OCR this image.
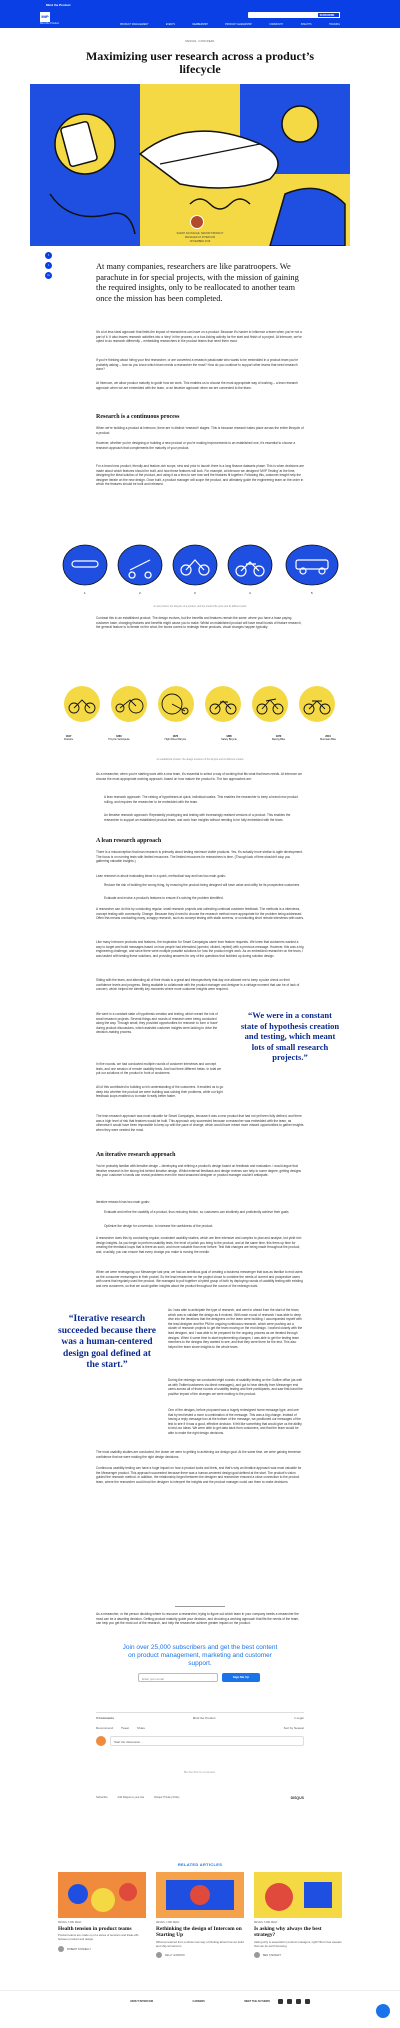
Mind the Product
MtP
Mind the Product
SUBSCRIBE
PRODUCT MANAGEMENT	EVENTS	MEMBERSHIP	PRODUCT LEADERSHIP	COMMUNITY	INSIGHTS	TRAINING
DESIGN, 4 MIN READ
Maximizing user research across a product’s lifecycle
SARAH SAUSSAGE, SENIOR PRODUCT
MANAGER AT INTERCOM
NOVEMBER 2018
f
t
in

At many companies, researchers are like paratroopers. We parachute in for special projects, with the mission of gaining the required insights, only to be reallocated to another team once the mission has been completed.

It’s a lot less ideal approach that limits the impact of researchers can have on a product. Because it’s harder to influence a team when you’re not a part of it. It also leaves research activities into a ‘step’ in the process, or a box-ticking activity for the start and finish of a project. At Intercom, we’ve opted to do research differently – embedding researchers in the product teams that need them most.

If you’re thinking about hiring your first researcher, or are converted a research passionate who wants to be embedded in a product team you’re probably asking – how do you know which team needs a researcher the most? How do you continue to support other teams that need research done?

At Intercom, we allow product maturity to guide how we work. This enables us to choose the most appropriate way of working – a lean research approach when we are embedded with the team, or an iterative approach when we are connected to the team.

Research is a continuous process

When we’re building a product at Intercom, there are in distinct ‘research’ stages. This is because research takes place across the entire lifecycle of a product.

However, whether you’re designing or building a new product or you’re making improvements to an established one, it’s essential to choose a research approach that complements the maturity of your product.

For a brand new product, friendly and feature-rich scope, new and prior to launch there is a long finance datasets phase. This is when decisions are made about which features should be built, and how these features will look. For example, at Intercom we designed ‘MVP Testing’ at the time, designing the ideal solution of the product, and using it as a lens to see how well the features fit together. Following this, customer insight help the designer iterate on the new design. Once built, a product manager will scope the product, and ultimately guide the engineering team on the order in which the features should be built and released.

1	2	3	4	5
A new product, the lifecycle of a product, and the product life cycle and its different parts

Contrast this to an established product. The design evolves, but the benefits and features remain the same: where you have a base paying customer base, changing features and benefits might cause you to make. Whilst an established product will have small bursts of feature research, the general feature is to iterate on the what, the boxes comes to redesign these products, visual changes happen typically.

1817
Draisine
1860
Tricycle Velocipede
1870
High Wheel Bicycle
1885
Safety Bicycle
1970
Racing Bike
2010
Mountain Bike
An established product, the design evolution of the bicycle and its different models

As a researcher, when you’re starting work with a new team, it’s essential to select a way of working that fits what that team needs. At Intercom we choose the most appropriate working approach, based on how mature the product is. The two approaches are:

A lean research approach: The raising of hypotheses at quick, individual scales. This enables the researcher to keep a brand new product rolling, and requires the researcher to be embedded with the team.

An iterative research approach: Repeatedly prototyping and testing with increasingly realised versions of a product. This enables the researcher to support an established product team, and work from insights without needing to be fully embedded with the team.

A lean research approach

There is a misconception that lean research is primarily about testing minimum viable products. Yes, it’s actually more similar to agile development. The focus is on running tests with limited resources. The limited resources for researchers is time. (Though lack of time shouldn’t stop you gathering valuable insights.)

Lean research is about evaluating ideas in a quick, methodical way and has two main goals:

Reduce the risk of building the wrong thing, by ensuring the product being designed will have value and utility for its prospective customers

Evaluate and evolve a product’s features to ensure it’s solving the problem identified.

A researcher can do this by conducting regular, small research projects and collecting continual customer feedback. The methods is a interviews, concept testing with community. Change. Because they’d need to choose the research method more appropriate for the problem being addressed. Often this means conducting many, scrappy research, such as concept testing with static screens, or conducting short remote interviews with users.

Like many Intercom products and features, the inspiration for Smart Campaigns came from feature requests. We knew that customers wanted a way to target and build messages based on how people had interacted (opened, clicked, replied) with a previous message. However, this was a big engineering challenge, and since there were multiple possible solutions for how the product might work. As an embedded researcher on the team, I was tasked with testing these solutions, and providing answers for any of the questions that bubbled up during solution design.

Sitting with the team, and attending all of their rituals is a great and introspectively that day one allowed me to keep a pulse check on their confidence levels and progress. Being available to collaborate with the product manager and designer is a vintage moment that can be of lack of concern, which helped me identify key moments where more customer insights were required.

We went in a constant state of hypothesis creation and testing, which meant the lots of small research projects. Several things and rounds of research were being conducted along the way. Through small, they provided opportunities for research to form a ‘trace’ during product discussions, which assisted customer insights were lacking to drive the decision-making process.

“We were in a constant state of hypothesis creation and testing, which meant lots of small research projects.”

In five rounds, we had conducted multiple rounds of customer interviews and concept tests, and one session of remote usability tests. And had three different betas. In total we put our solutions of the product in front of customers.

All of this contributed to building a rich understanding of the customers. It enabled us to go deep into whether the product we were building was solving their problems, while our tight feedback loops enabled us to make it really better faster.

The lean research approach was most valuable for Smart Campaigns, because it was a new product that had not yet been fully defined, and there was a high level of risk that features would be built. This approach only succeeded because a researcher was embedded with the team, as otherwise it would have been impossible to keep up with the pace of change, which would have meant more missed opportunities to gather insights when they were needed the most.

An iterative research approach

You’re probably familiar with iterative design – developing and refining a product’s design based on feedback and evaluation. I would argue that iterative research is the strong link behind iterative design. Whilst external feedback and design reviews can help to some degree, getting designs into your customer’s hands can reveal problems even the most seasoned designer or product manager couldn’t anticipate.

Iterative research has two main goals:

Evaluate and refine the usability of a product, thus reducing friction, so customers can intuitively and proficiently achieve their goals

Optimize the design for conversion, to increase the usefulness of the product.

A researcher does this by conducting regular, consistent usability studies, which are time intensive and complex to plan and analyse, but yield rich design insights. As you begin to perform usability tests, the level of polish you bring to the product, and at the same time, this frees up time for creating the feedback loops that is there as such, and more valuable than ever before. Test that changes are being made throughout the product, and, crucially, you can ensure that every change you make is moving the needle.

When we were redesigning our Messenger last year, we had an ambitious goal of creating a business messenger that was as familiar to end users as the consumer messengers in their pocket. So the lead researcher on the project chose to combine the needs of current and prospective users with users that regularly used the product. We managed to pull together a hybrid group of both by deploying rounds of usability testing with existing and new customers, so that we could gather insights about the product throughout the course of the redesign work.

“Iterative research succeeded because there was a human-centered design goal defined at the start.”

As I was able to anticipate the type of research, and went in ahead from the start of the team, which was to validate the design as it evolved. With each round of research I was able to deep dive into the iterations that the designers on the team were building. I accompanied myself with the lead designer and the PM for ongoing continuous research, which were pushing out a cluster of research projects to get the team moving on the end design. I worked closely with the lead designer, and I was able to be prepared for the ongoing process as we iterated through designs. When it came time to start implementing changes, I was able to get the testing team members to the designs they wanted to see, and that they were there for the test. This also helped the team share insights to the whole team.

During the redesign we conducted eight rounds of usability testing on the Outline office (as well as with Twitter/customers via direct messages), and got to hear directly from Messenger end users across all of those rounds of usability testing and their participants, and saw first-hand the positive impact of the changes we were making to the product.

One of the designs, before proposed was a hugely redesigned home message type, and one that by test tested a more a combination of the message. This was a big change. Instead of having a reply message box at the bottom of the message, we positioned our messages of the test to see if it was a good, effective decision. It felt like something that would give us the ability to test our ideas. We were able to get data back from customers, and that the team would be able to make the right design decisions.

The most usability studies are conducted, the closer we were to getting to achieving our design goal. At the same time, we were gaining immense confidence that we were making the right design decisions.

Continuous usability testing can have a huge impact on how a product looks and feels, and that’s why an iterative approach was most valuable for the Messenger product. This approach succeeded because there was a human-centered design goal defined at the start. The product’s vision guided the research method. In addition, the relationship forged between the designer and researcher ensured a close connection to the product team, where the researcher could trust the designer to interpret the insights and the product manager could use them to make decisions.

As a researcher, or the person deciding where to resource a researcher, trying to figure out which team in your company needs a researcher the most can be a daunting decision. Getting product maturity guide your decision, and choosing a working approach that fits the needs of the team, can help you get the most out of the research, and help the researcher achieve greater impact on the product.

Join over 25,000 subscribers and get the best content on product management, marketing and customer support.
Enter your email	Sign Me Up
0 Comments	Mind the Product	1 Login
Recommend	Tweet	Share	Sort by Newest
Start the discussion...
Be the first to comment.
Subscribe	Add Disqus to your site	Disqus' Privacy Policy	DISQUS
RELATED ARTICLES
DESIGN, 5 MIN READ
Health tension in product teams
Product teams are made up of a series of tensions and trade-offs between product and design.
ROBERT DONNELLY
DESIGN, 4 MIN READ
Rethinking the design of Intercom on Starting Up
What we learned from a whole new way of thinking about how we build and ship at Intercom.
KELLY GORDON
DESIGN, 5 MIN READ
Is asking why always the best strategy?
Asking why is essential for product managers, right? But it has caveats that can be worth knowing.
BEN STEWART
ABOUT INTERCOM	CAREERS	MEET THE AUTHORS
